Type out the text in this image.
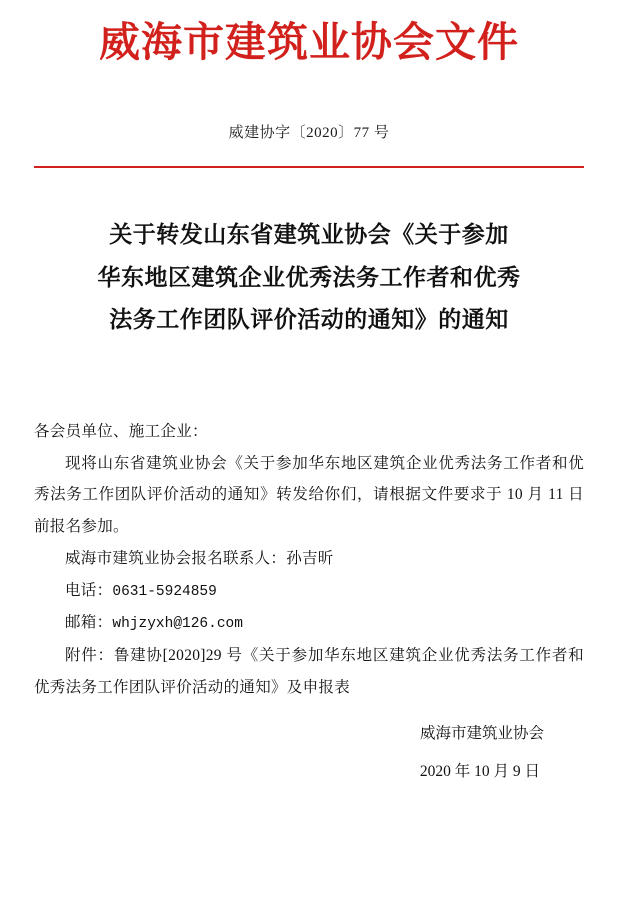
威海市建筑业协会文件
威建协字〔2020〕77 号
关于转发山东省建筑业协会《关于参加
华东地区建筑企业优秀法务工作者和优秀
法务工作团队评价活动的通知》的通知

各会员单位、施工企业：

现将山东省建筑业协会《关于参加华东地区建筑企业优秀法务工作者和优秀法务工作团队评价活动的通知》转发给你们，请根据文件要求于 10 月 11 日前报名参加。

威海市建筑业协会报名联系人：孙吉昕

电话：0631-5924859

邮箱：whjzyxh@126.com

附件：鲁建协[2020]29 号《关于参加华东地区建筑企业优秀法务工作者和优秀法务工作团队评价活动的通知》及申报表

威海市建筑业协会
2020 年 10 月 9 日
